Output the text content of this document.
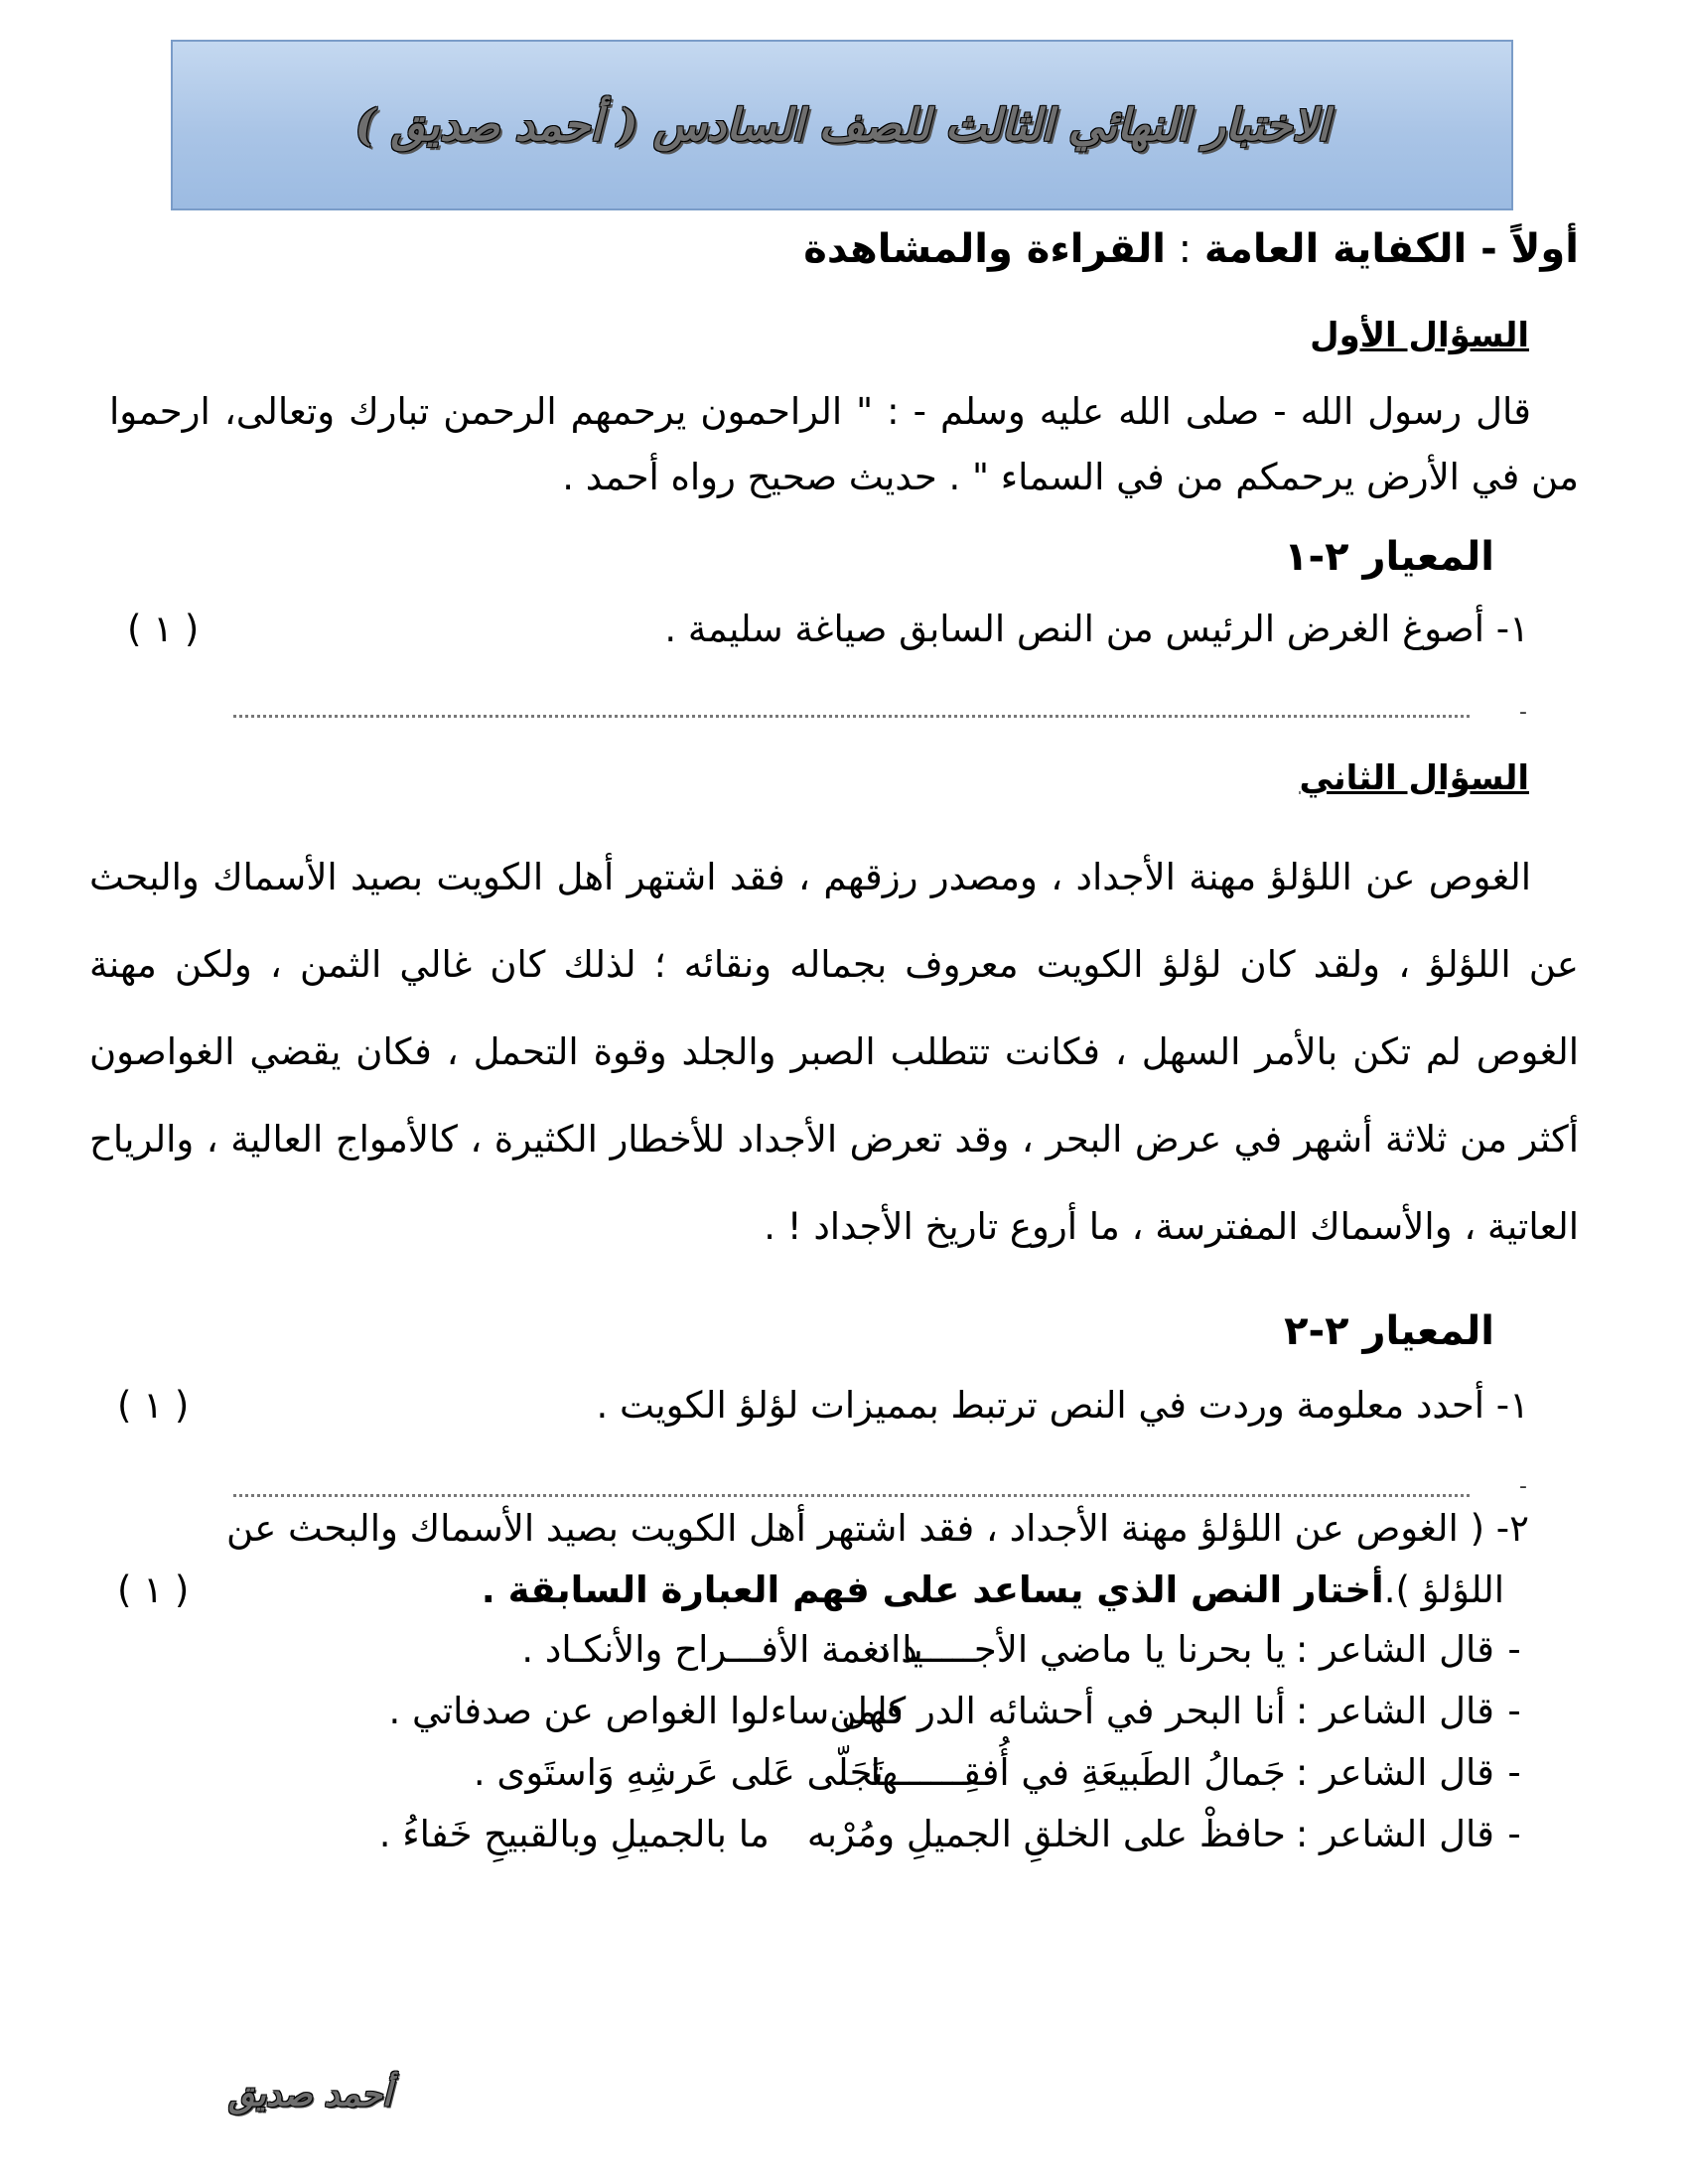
الاختبار النهائي الثالث للصف السادس ( أحمد صديق )
أولاً - الكفاية العامة : القراءة والمشاهدة
السؤال الأول
قال رسول الله - صلى الله عليه وسلم - : " الراحمون يرحمهم الرحمن تبارك وتعالى، ارحموا من في الأرض يرحمكم من في السماء " . حديث صحيح رواه أحمد .
المعيار ٢-١
١- أصوغ الغرض الرئيس من النص السابق صياغة سليمة .
( ١ )
-
السؤال الثاني
الغوص عن اللؤلؤ مهنة الأجداد ، ومصدر رزقهم ، فقد اشتهر أهل الكويت بصيد الأسماك والبحث عن اللؤلؤ ، ولقد كان لؤلؤ الكويت معروف بجماله ونقائه ؛ لذلك كان غالي الثمن ، ولكن مهنة الغوص لم تكن بالأمر السهل ، فكانت تتطلب الصبر والجلد وقوة التحمل ، فكان يقضي الغواصون أكثر من ثلاثة أشهر في عرض البحر ، وقد تعرض الأجداد للأخطار الكثيرة ، كالأمواج العالية ، والرياح العاتية ، والأسماك المفترسة ، ما أروع تاريخ الأجداد ! .
المعيار ٢-٢
١- أحدد معلومة وردت في النص ترتبط بمميزات لؤلؤ الكويت .
( ١ )
-
٢- ( الغوص عن اللؤلؤ مهنة الأجداد ، فقد اشتهر أهل الكويت بصيد الأسماك والبحث عن
اللؤلؤ ).أختار النص الذي يساعد على فهم العبارة السابقة .
( ١ )
-
قال الشاعر :
يا بحرنا يا ماضي الأجـــــداد
يا نغمة الأفـــراح والأنكـاد .
-
قال الشاعر :
أنا البحر في أحشائه الدر كامن
فهل ساءلوا الغواص عن صدفاتي .
-
قال الشاعر :
جَمالُ الطَبيعَةِ في أُفقِــــــها
تَجَلّى عَلى عَرشِهِ وَاستَوى .
-
قال الشاعر :
حافظْ على الخلقِ الجميلِ ومُرْبه
ما بالجميلِ وبالقبيحِ خَفاءُ .
أحمد صديق
